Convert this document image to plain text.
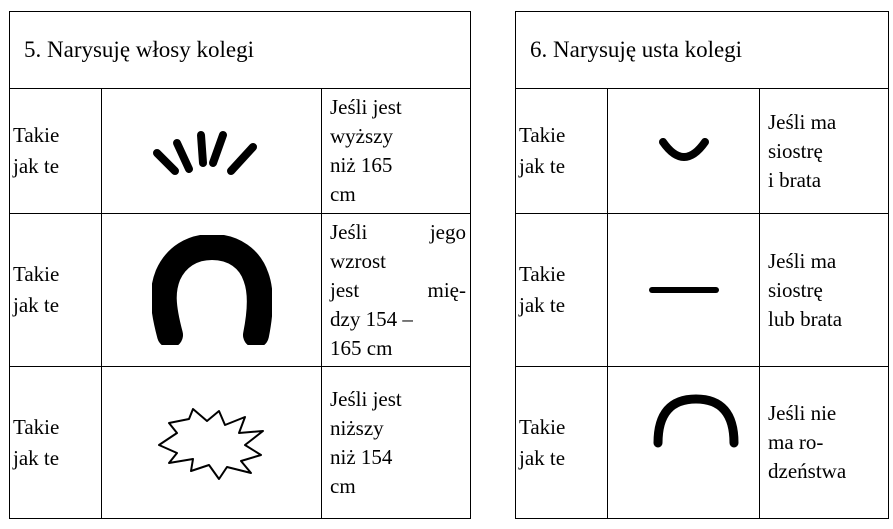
5. Narysuję włosy kolegi		

Takie
jak te		Jeśli jest
wyższy
niż 165
cm

Takie
jak te		Jeśli jego
wzrost
jest mię-
dzy 154 –
165 cm

Takie
jak te		Jeśli jest
niższy
niż 154
cm
6. Narysuję usta kolegi		

Takie
jak te		Jeśli ma
siostrę
i brata

Takie
jak te		Jeśli ma
siostrę
lub brata

Takie
jak te		Jeśli nie
ma ro-
dzeństwa
